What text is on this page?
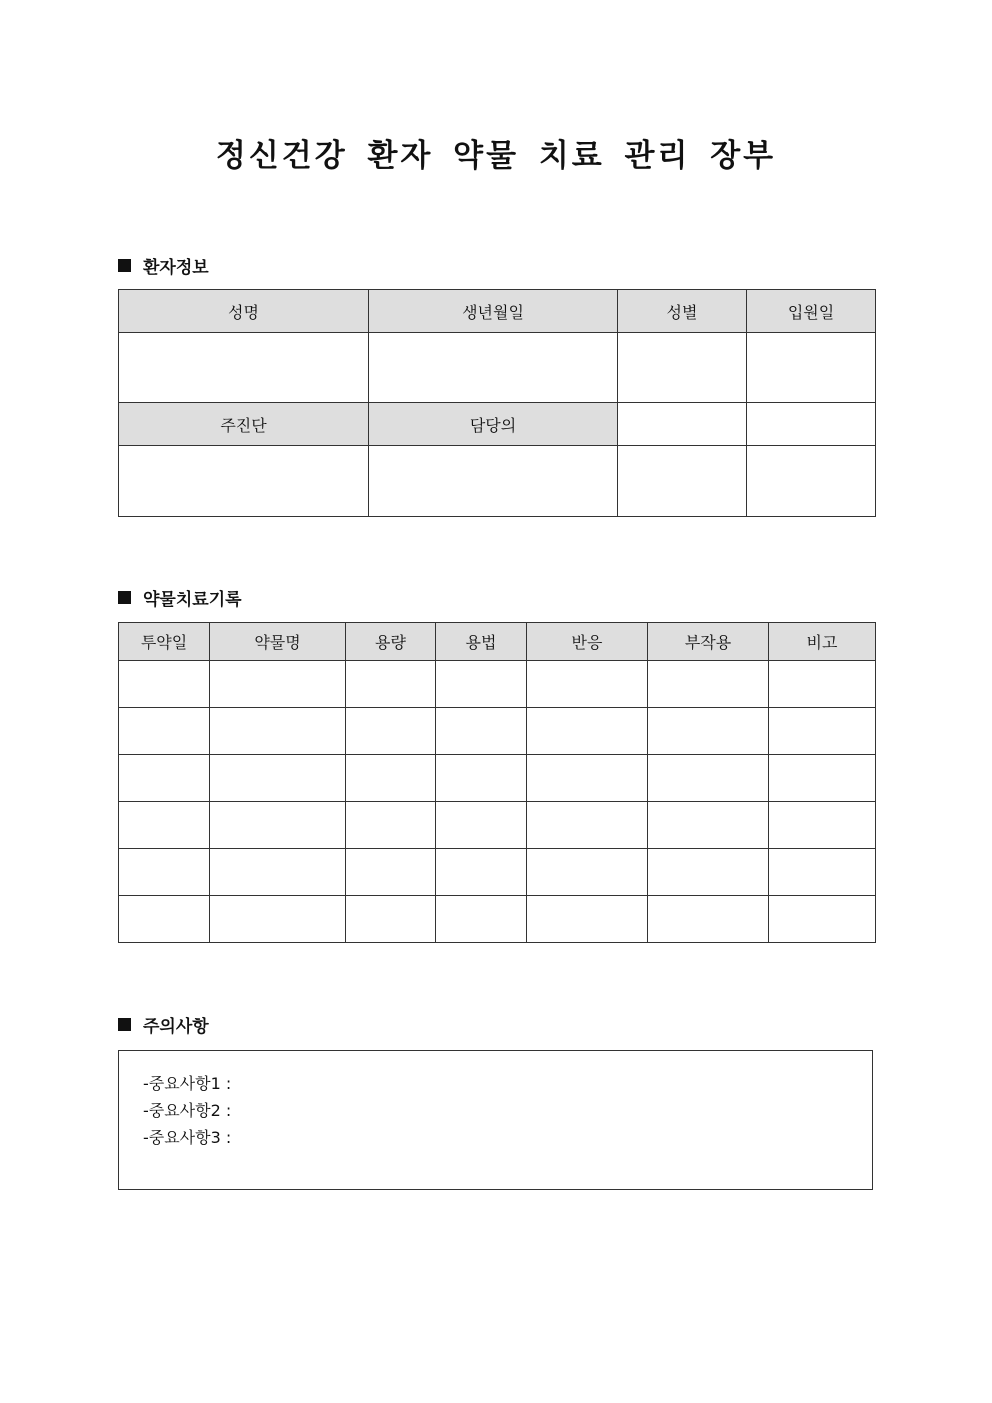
정신건강 환자 약물 치료 관리 장부
환자정보
성명	생년월일	성별	입원일

주진단	담당의		

약물치료기록
투약일	약물명	용량	용법	반응	부작용	비고

주의사항
-중요사항1 :
-중요사항2 :
-중요사항3 :
